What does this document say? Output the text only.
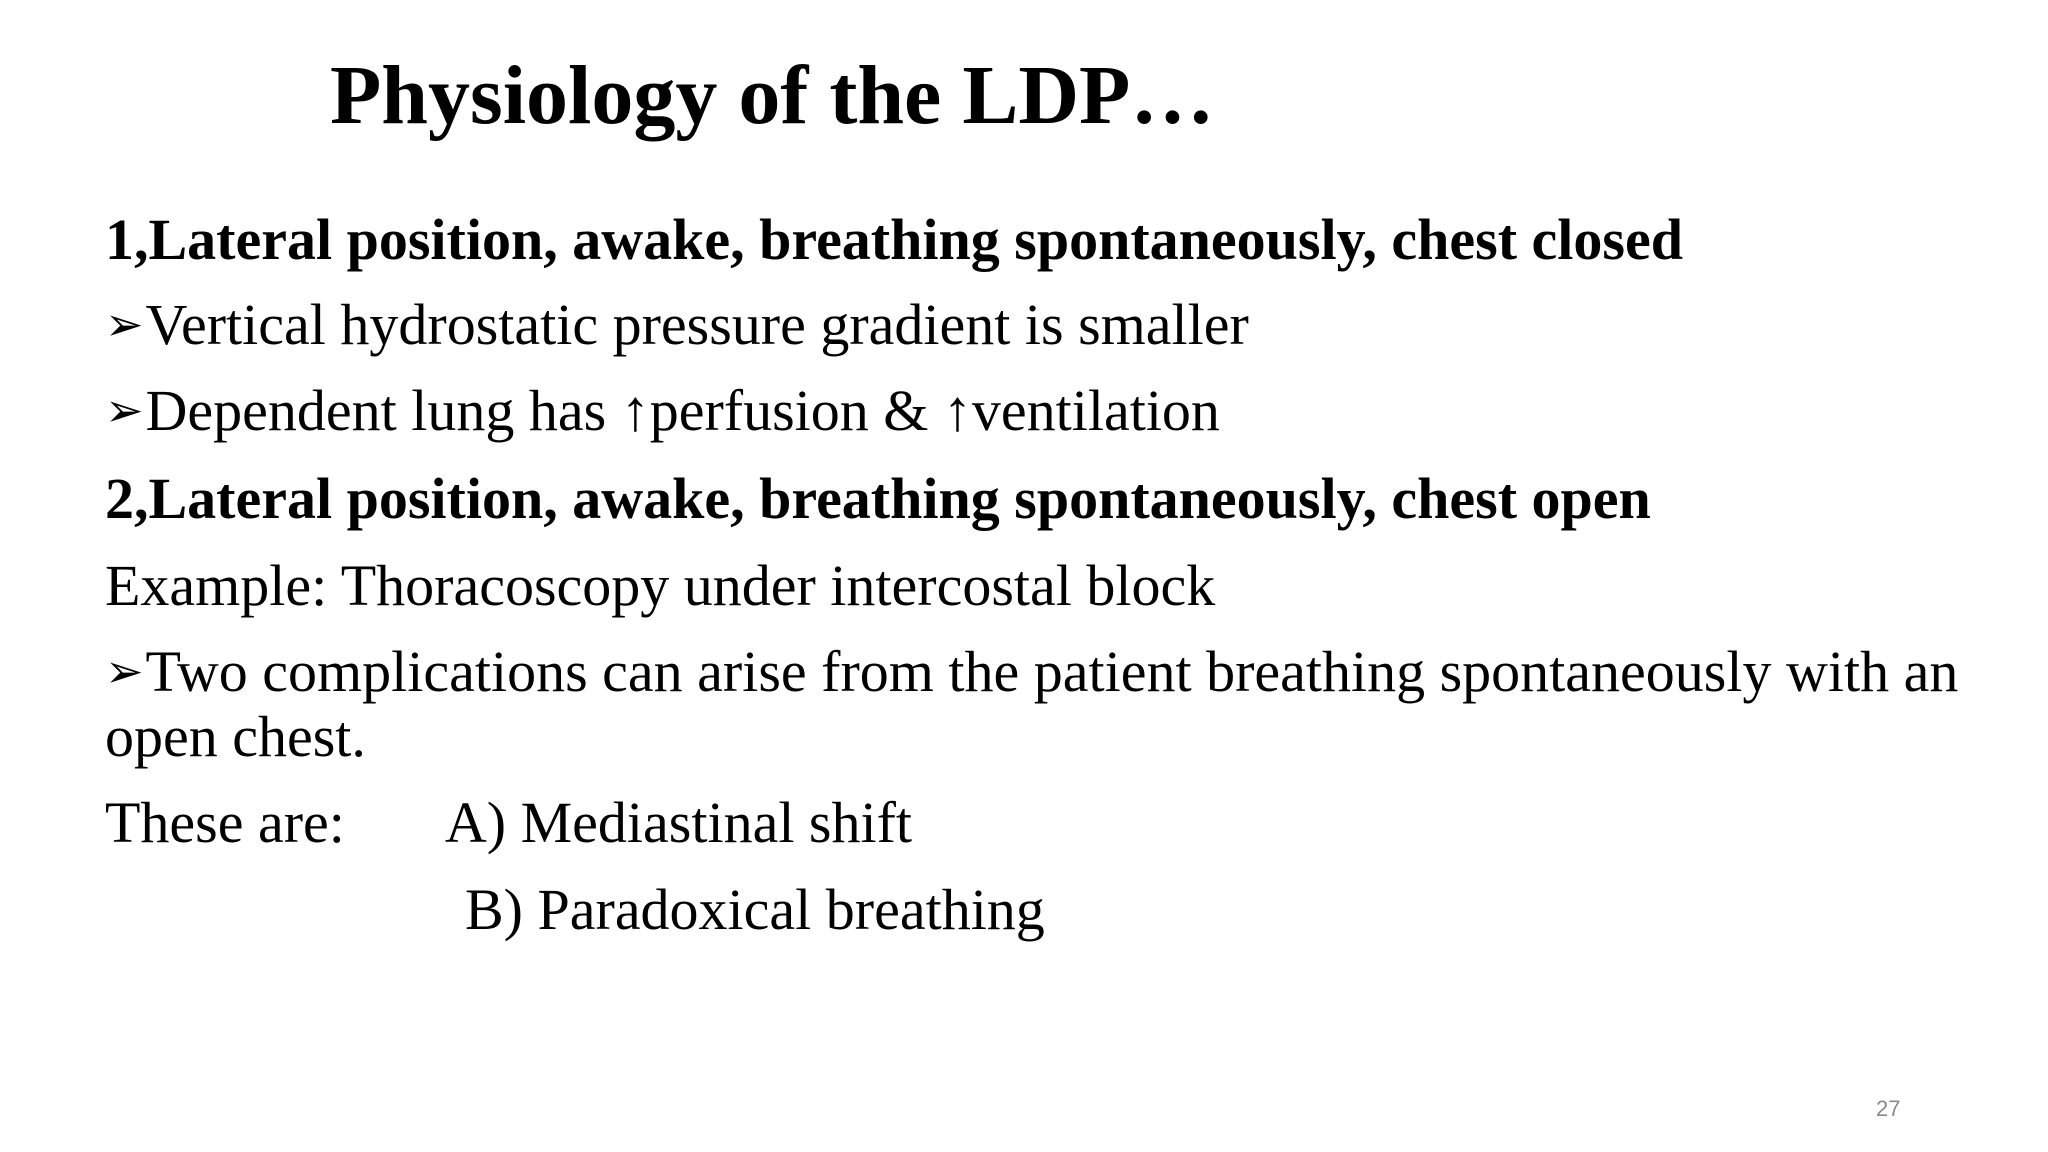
Physiology of the LDP…
1,Lateral position, awake, breathing spontaneously, chest closed
➢Vertical hydrostatic pressure gradient is smaller
➢Dependent lung has ↑perfusion & ↑ventilation
2,Lateral position, awake, breathing spontaneously, chest open
Example: Thoracoscopy under intercostal block
➢Two complications can arise from the patient breathing spontaneously with an open chest.
These are: A) Mediastinal shift
B) Paradoxical breathing
27
